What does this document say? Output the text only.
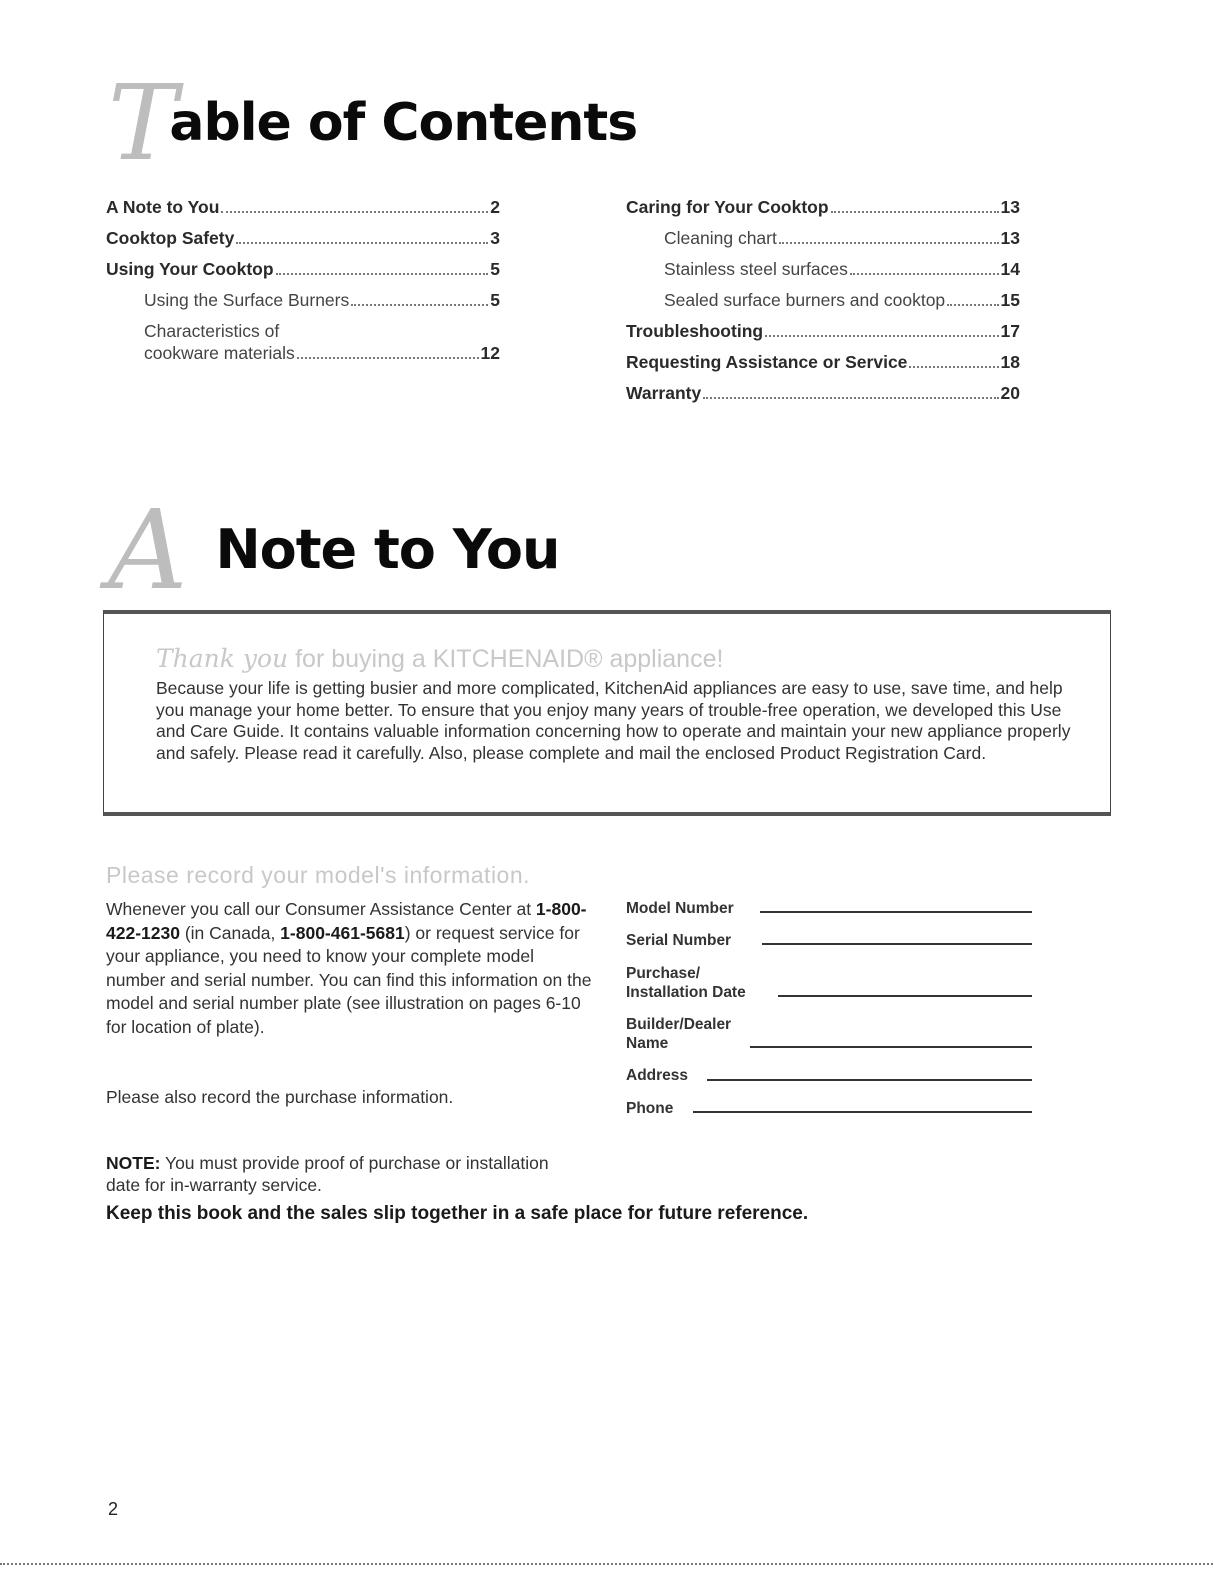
Table of Contents
A Note to You	2
Cooktop Safety	3
Using Your Cooktop	5
Using the Surface Burners	5
Characteristics of
cookware materials	12
Caring for Your Cooktop	13
Cleaning chart	13
Stainless steel surfaces	14
Sealed surface burners and cooktop	15
Troubleshooting	17
Requesting Assistance or Service	18
Warranty	20
A Note to You
Thank you for buying a KITCHENAID® appliance!

Because your life is getting busier and more complicated, KitchenAid appliances are easy to use, save time, and help you manage your home better. To ensure that you enjoy many years of trouble-free operation, we developed this Use and Care Guide. It contains valuable information concerning how to operate and maintain your new appliance properly and safely. Please read it carefully. Also, please complete and mail the enclosed Product Registration Card.

Please record your model's information.

Whenever you call our Consumer Assistance Center at 1-800-422-1230 (in Canada, 1-800-461-5681) or request service for your appliance, you need to know your complete model number and serial number. You can find this information on the model and serial number plate (see illustration on pages 6-10 for location of plate).

Please also record the purchase information.
Model Number
Serial Number
Purchase/
Installation Date
Builder/Dealer
Name
Address
Phone

NOTE: You must provide proof of purchase or installation date for in-warranty service.

Keep this book and the sales slip together in a safe place for future reference.
2
